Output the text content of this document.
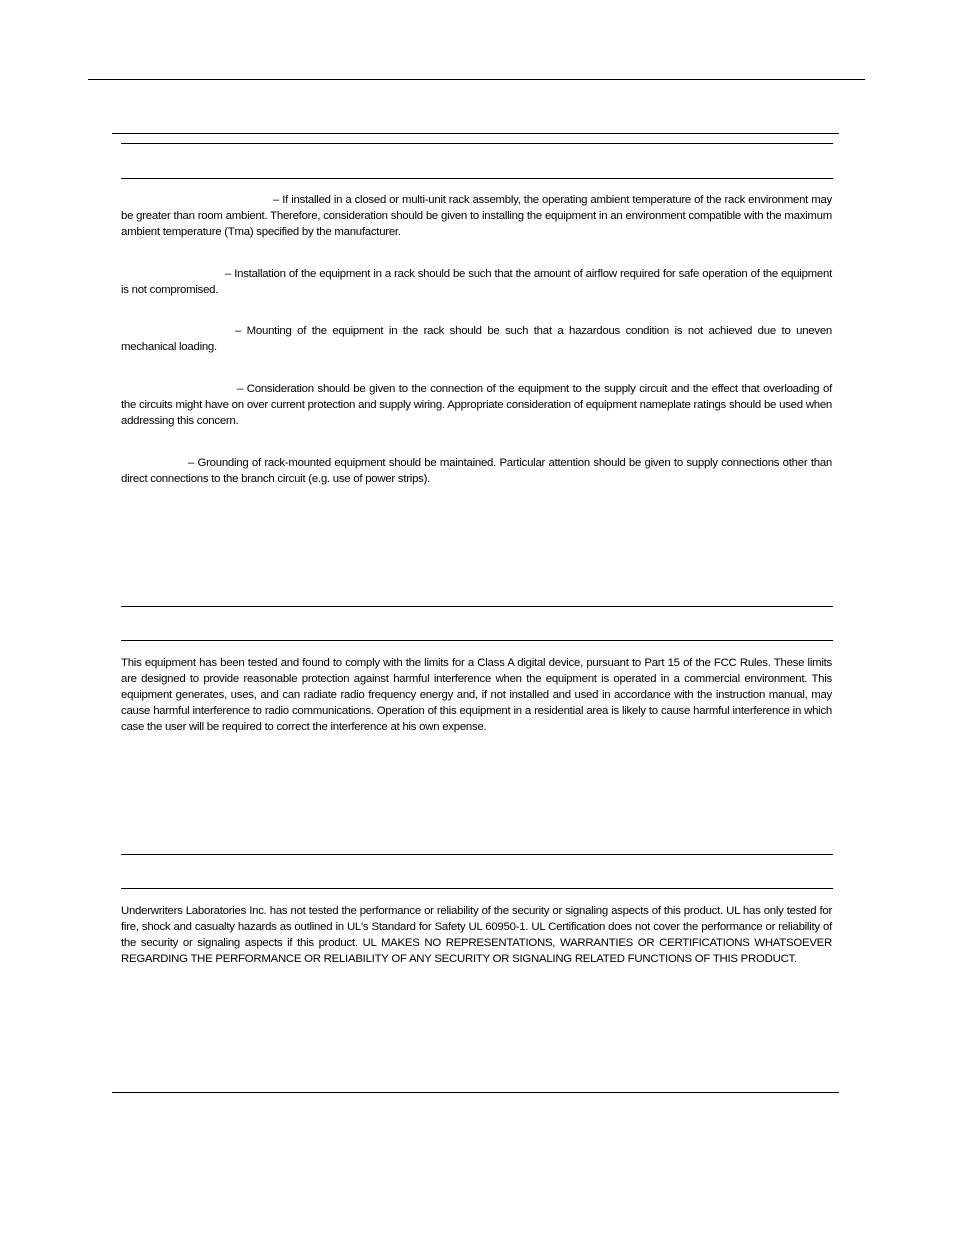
– If installed in a closed or multi-unit rack assembly, the operating ambient temperature of the rack environment may be greater than room ambient. Therefore, consideration should be given to installing the equipment in an environment compatible with the maximum ambient temperature (Tma) specified by the manufacturer.

– Installation of the equipment in a rack should be such that the amount of airflow required for safe operation of the equipment is not compromised.

– Mounting of the equipment in the rack should be such that a hazardous condition is not achieved due to uneven mechanical loading.

– Consideration should be given to the connection of the equipment to the supply circuit and the effect that overloading of the circuits might have on over current protection and supply wiring. Appropriate consideration of equipment nameplate ratings should be used when addressing this concern.

– Grounding of rack-mounted equipment should be maintained. Particular attention should be given to supply connections other than direct connections to the branch circuit (e.g. use of power strips).

This equipment has been tested and found to comply with the limits for a Class A digital device, pursuant to Part 15 of the FCC Rules. These limits are designed to provide reasonable protection against harmful interference when the equipment is operated in a commercial environment. This equipment generates, uses, and can radiate radio frequency energy and, if not installed and used in accordance with the instruction manual, may cause harmful interference to radio communications. Operation of this equipment in a residential area is likely to cause harmful interference in which case the user will be required to correct the interference at his own expense.

Underwriters Laboratories Inc. has not tested the performance or reliability of the security or signaling aspects of this product. UL has only tested for fire, shock and casualty hazards as outlined in UL's Standard for Safety UL 60950-1. UL Certification does not cover the performance or reliability of the security or signaling aspects if this product. UL MAKES NO REPRESENTATIONS, WARRANTIES OR CERTIFICATIONS WHATSOEVER REGARDING THE PERFORMANCE OR RELIABILITY OF ANY SECURITY OR SIGNALING RELATED FUNCTIONS OF THIS PRODUCT.
